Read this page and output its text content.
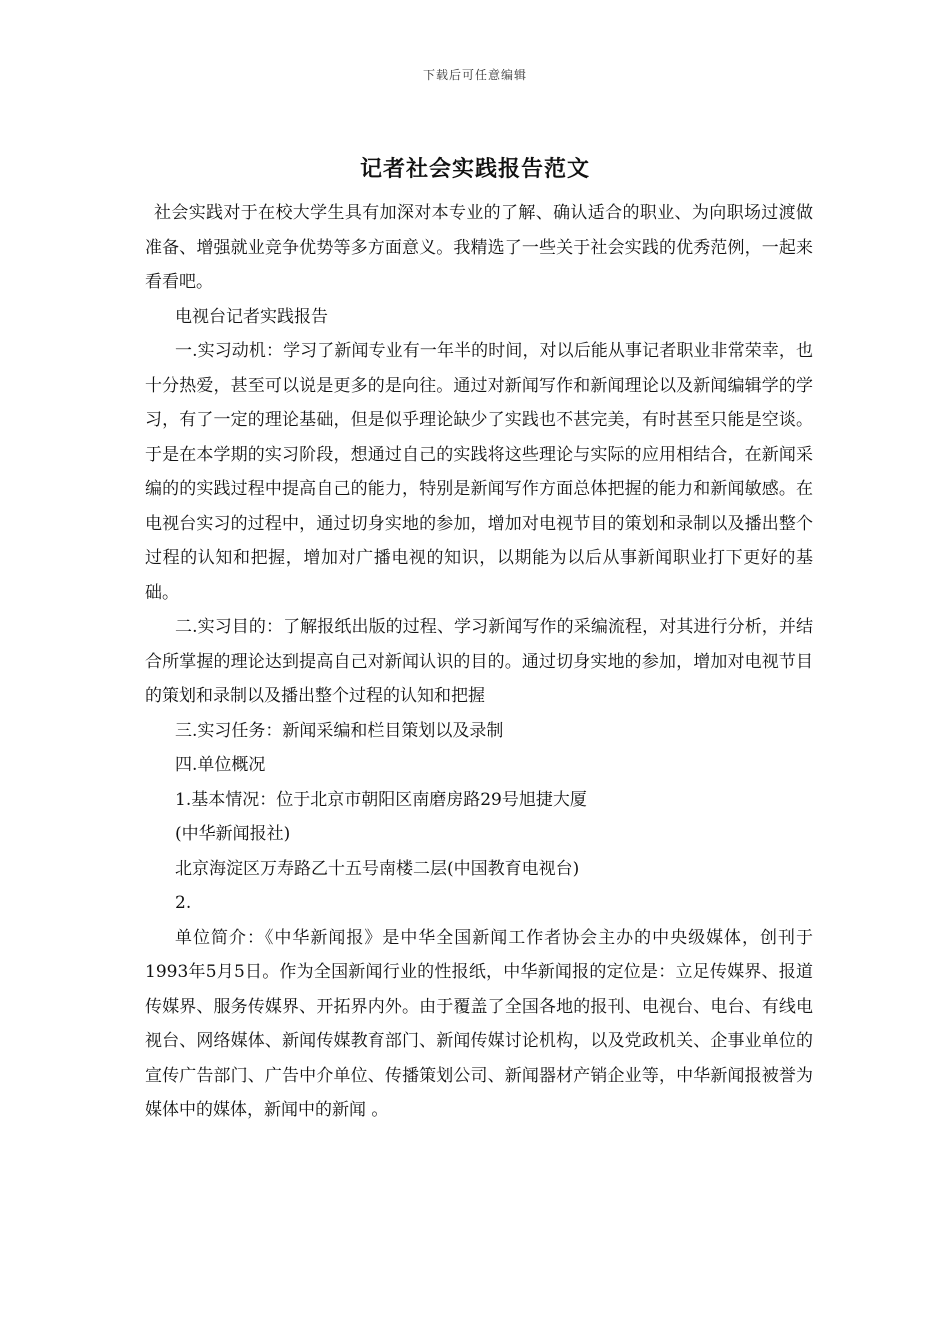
下载后可任意编辑
记者社会实践报告范文

社会实践对于在校大学生具有加深对本专业的了解、确认适合的职业、为向职场过渡做准备、增强就业竞争优势等多方面意义。我精选了一些关于社会实践的优秀范例，一起来看看吧。

电视台记者实践报告

一.实习动机：学习了新闻专业有一年半的时间，对以后能从事记者职业非常荣幸，也十分热爱，甚至可以说是更多的是向往。通过对新闻写作和新闻理论以及新闻编辑学的学习，有了一定的理论基础，但是似乎理论缺少了实践也不甚完美，有时甚至只能是空谈。于是在本学期的实习阶段，想通过自己的实践将这些理论与实际的应用相结合，在新闻采编的的实践过程中提高自己的能力，特别是新闻写作方面总体把握的能力和新闻敏感。在电视台实习的过程中，通过切身实地的参加，增加对电视节目的策划和录制以及播出整个过程的认知和把握，增加对广播电视的知识，以期能为以后从事新闻职业打下更好的基础。

二.实习目的：了解报纸出版的过程、学习新闻写作的采编流程，对其进行分析，并结合所掌握的理论达到提高自己对新闻认识的目的。通过切身实地的参加，增加对电视节目的策划和录制以及播出整个过程的认知和把握

三.实习任务：新闻采编和栏目策划以及录制

四.单位概况

1.基本情况：位于北京市朝阳区南磨房路29号旭捷大厦

(中华新闻报社)

北京海淀区万寿路乙十五号南楼二层(中国教育电视台)

2.

单位简介：《中华新闻报》是中华全国新闻工作者协会主办的中央级媒体，创刊于1993年5月5日。作为全国新闻行业的性报纸，中华新闻报的定位是：立足传媒界、报道传媒界、服务传媒界、开拓界内外。由于覆盖了全国各地的报刊、电视台、电台、有线电视台、网络媒体、新闻传媒教育部门、新闻传媒讨论机构，以及党政机关、企事业单位的宣传广告部门、广告中介单位、传播策划公司、新闻器材产销企业等，中华新闻报被誉为 媒体中的媒体，新闻中的新闻 。
